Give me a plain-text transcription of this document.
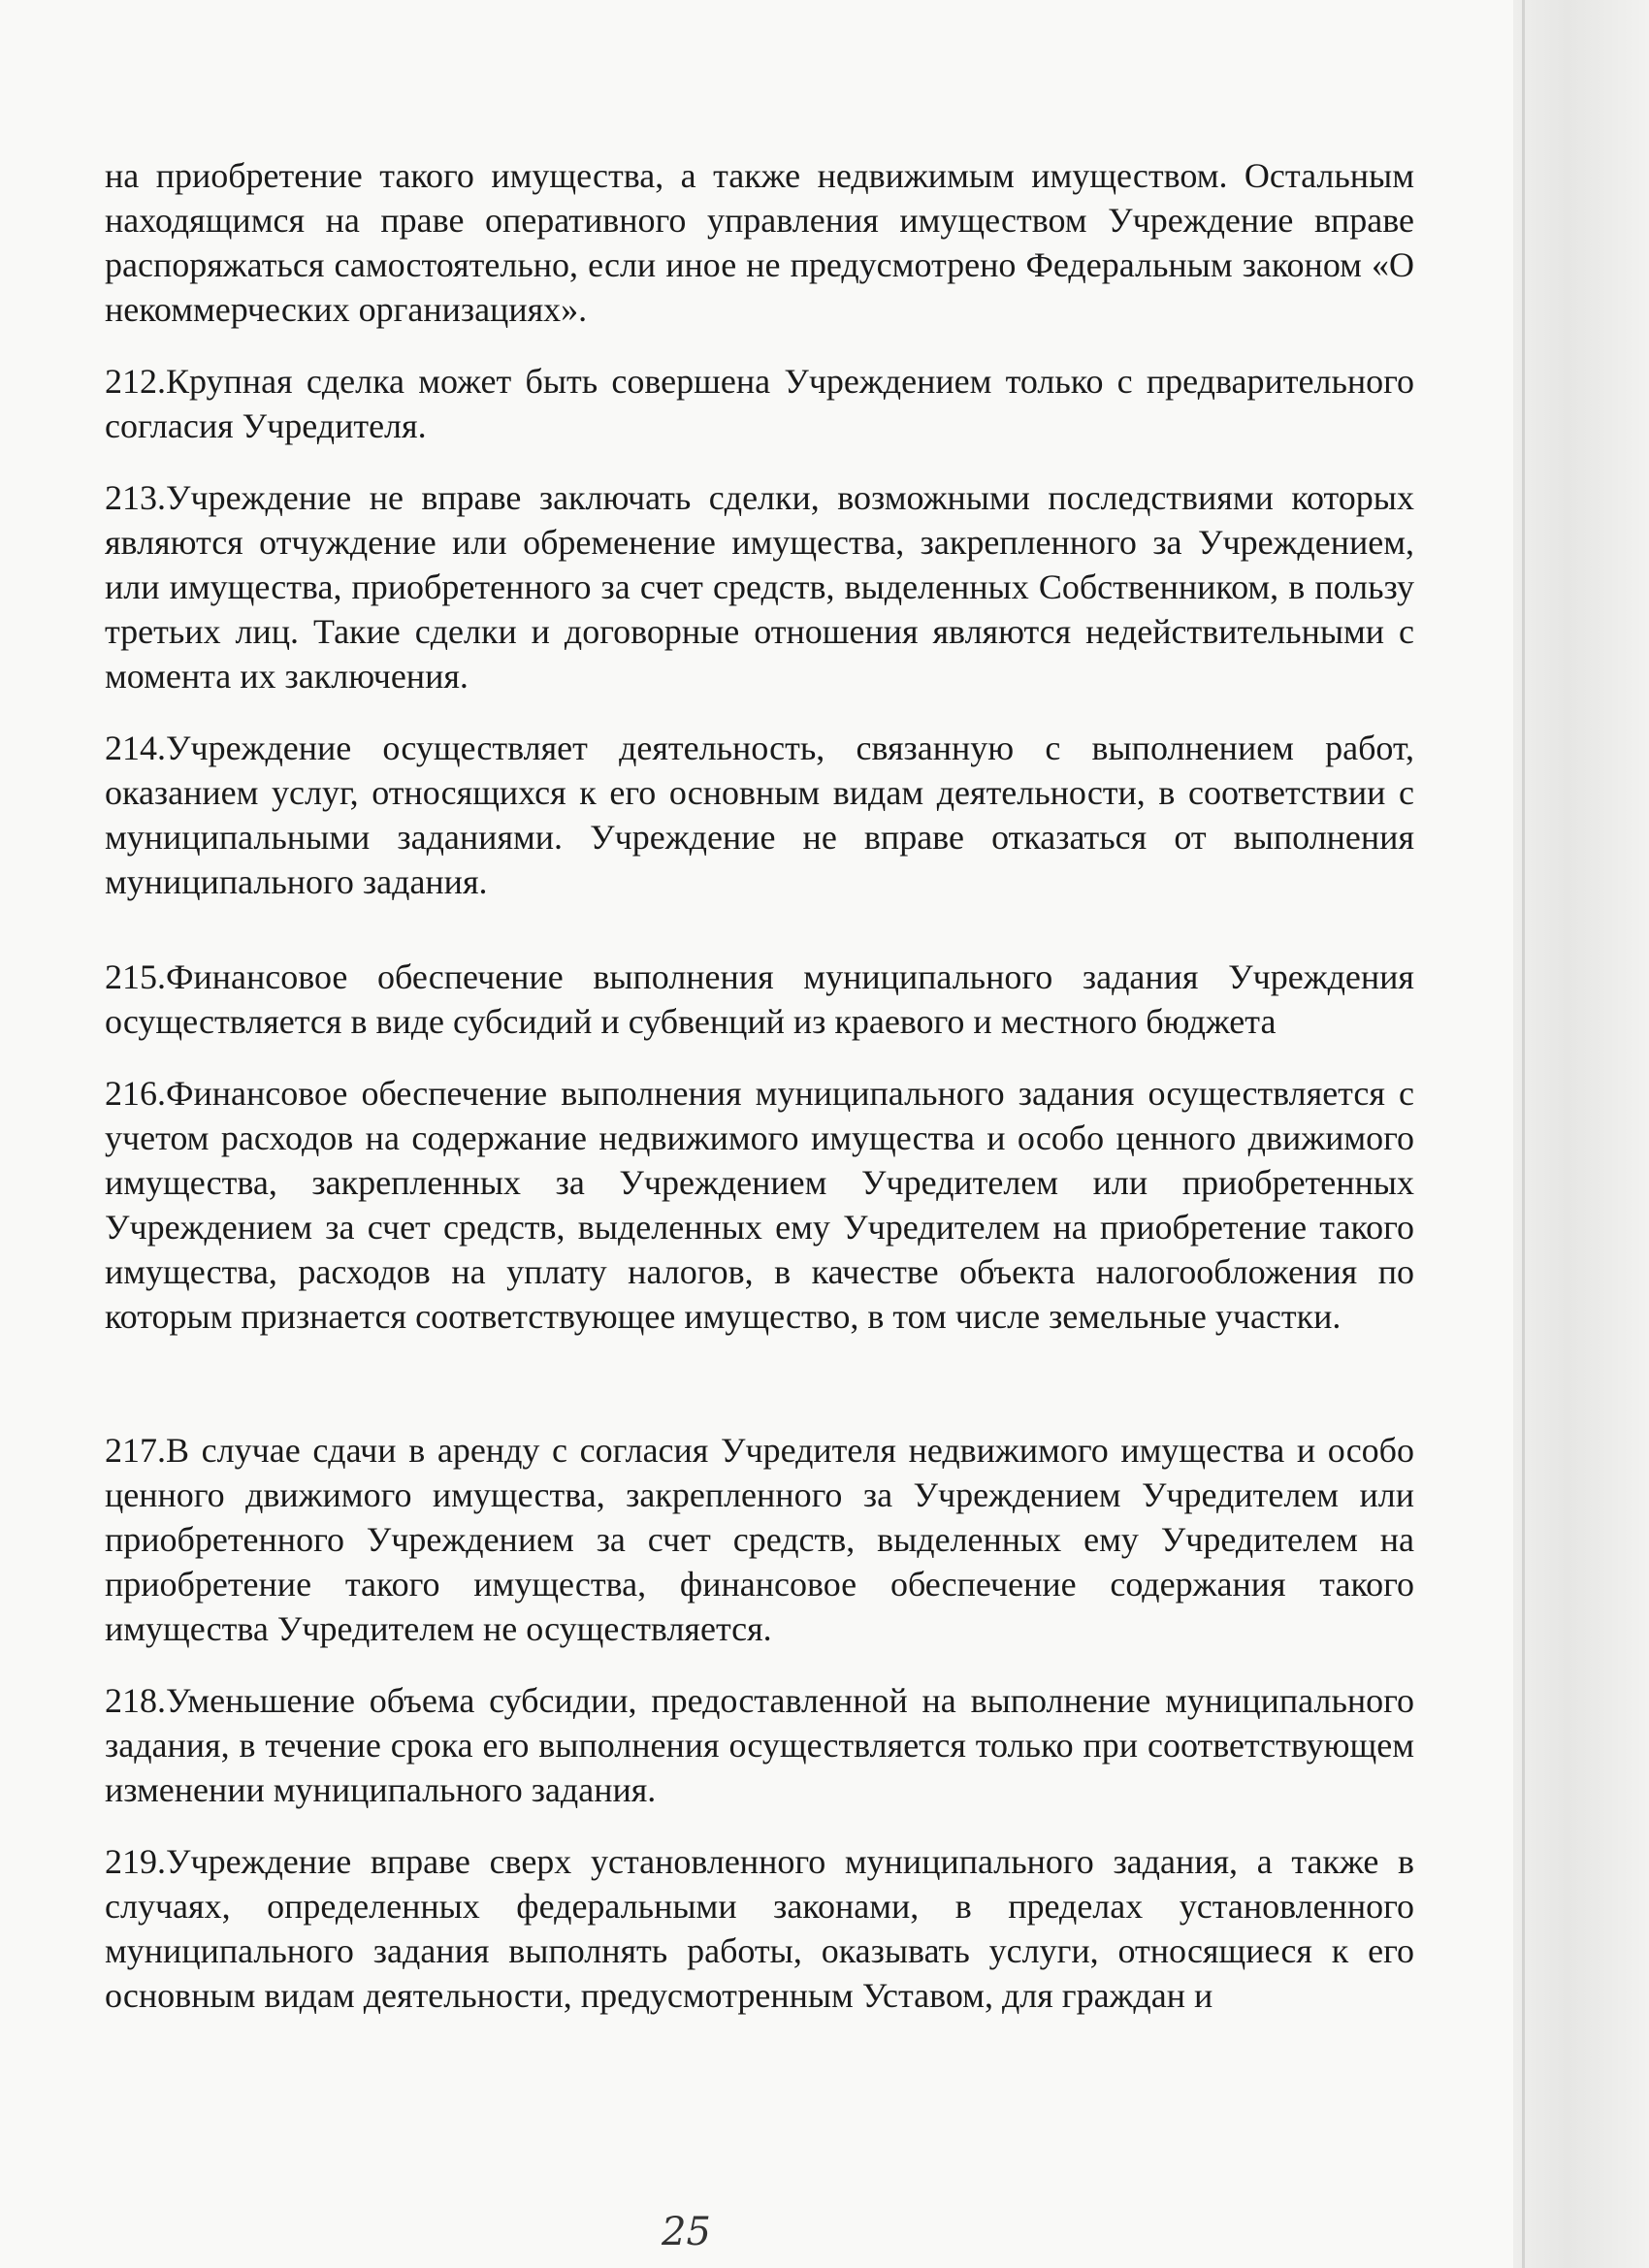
на приобретение такого имущества, а также недвижимым имуществом. Остальным находящимся на праве оперативного управления имуществом Учреждение вправе распоряжаться самостоятельно, если иное не предусмотрено Федеральным законом «О некоммерческих организациях».

212.Крупная сделка может быть совершена Учреждением только с предварительного согласия Учредителя.

213.Учреждение не вправе заключать сделки, возможными последствиями которых являются отчуждение или обременение имущества, закрепленного за Учреждением, или имущества, приобретенного за счет средств, выделенных Собственником, в пользу третьих лиц. Такие сделки и договорные отношения являются недействительными с момента их заключения.

214.Учреждение осуществляет деятельность, связанную с выполнением работ, оказанием услуг, относящихся к его основным видам деятельности, в соответствии с муниципальными заданиями. Учреждение не вправе отказаться от выполнения муниципального задания.

215.Финансовое обеспечение выполнения муниципального задания Учреждения осуществляется в виде субсидий и субвенций из краевого и местного бюджета

216.Финансовое обеспечение выполнения муниципального задания осуществляется с учетом расходов на содержание недвижимого имущества и особо ценного движимого имущества, закрепленных за Учреждением Учредителем или приобретенных Учреждением за счет средств, выделенных ему Учредителем на приобретение такого имущества, расходов на уплату налогов, в качестве объекта налогообложения по которым признается соответствующее имущество, в том числе земельные участки.

217.В случае сдачи в аренду с согласия Учредителя недвижимого имущества и особо ценного движимого имущества, закрепленного за Учреждением Учредителем или приобретенного Учреждением за счет средств, выделенных ему Учредителем на приобретение такого имущества, финансовое обеспечение содержания такого имущества Учредителем не осуществляется.

218.Уменьшение объема субсидии, предоставленной на выполнение муниципального задания, в течение срока его выполнения осуществляется только при соответствующем изменении муниципального задания.

219.Учреждение вправе сверх установленного муниципального задания, а также в случаях, определенных федеральными законами, в пределах установленного муниципального задания выполнять работы, оказывать услуги, относящиеся к его основным видам деятельности, предусмотренным Уставом, для граждан и

25
